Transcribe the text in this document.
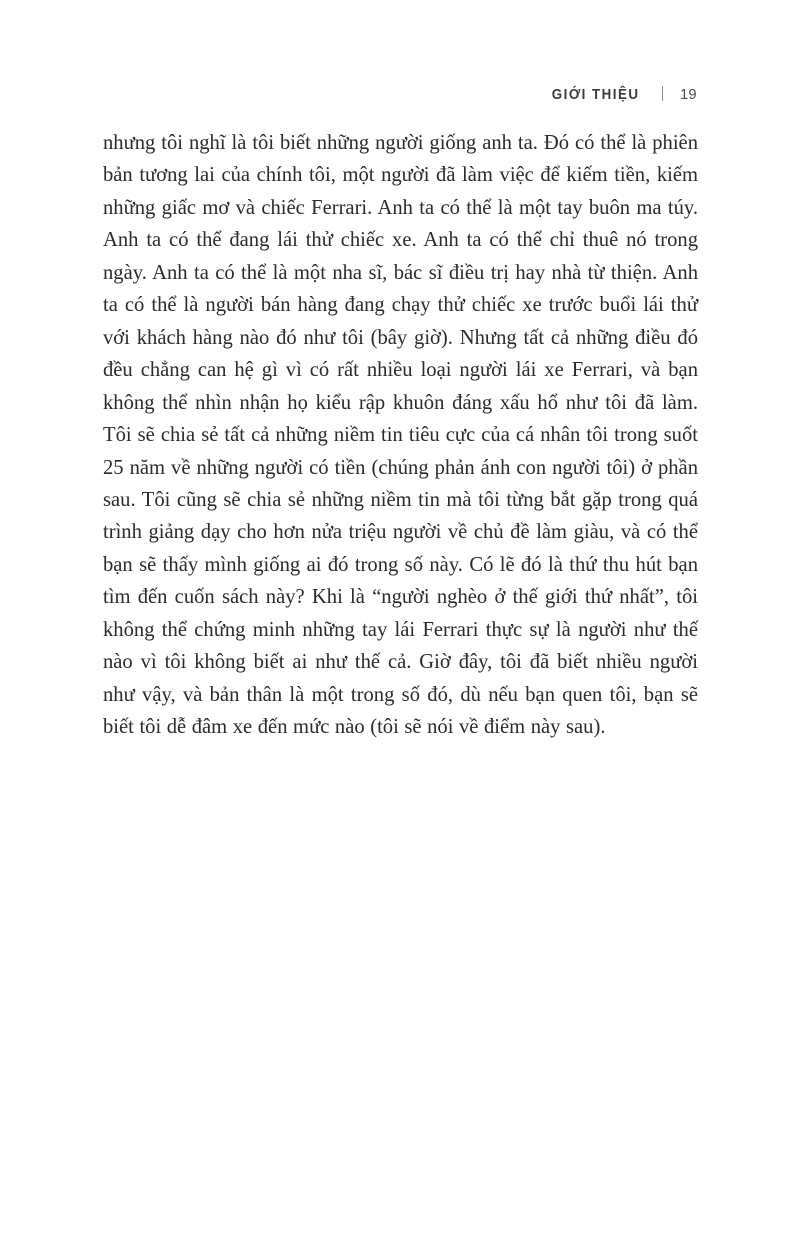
GIỚI THIỆU	19

nhưng tôi nghĩ là tôi biết những người giống anh ta. Đó có thể là phiên bản tương lai của chính tôi, một người đã làm việc để kiếm tiền, kiếm những giấc mơ và chiếc Ferrari. Anh ta có thể là một tay buôn ma túy. Anh ta có thể đang lái thử chiếc xe. Anh ta có thể chỉ thuê nó trong ngày. Anh ta có thể là một nha sĩ, bác sĩ điều trị hay nhà từ thiện. Anh ta có thể là người bán hàng đang chạy thử chiếc xe trước buổi lái thử với khách hàng nào đó như tôi (bây giờ). Nhưng tất cả những điều đó đều chẳng can hệ gì vì có rất nhiều loại người lái xe Ferrari, và bạn không thể nhìn nhận họ kiểu rập khuôn đáng xấu hổ như tôi đã làm. Tôi sẽ chia sẻ tất cả những niềm tin tiêu cực của cá nhân tôi trong suốt 25 năm về những người có tiền (chúng phản ánh con người tôi) ở phần sau. Tôi cũng sẽ chia sẻ những niềm tin mà tôi từng bắt gặp trong quá trình giảng dạy cho hơn nửa triệu người về chủ đề làm giàu, và có thể bạn sẽ thấy mình giống ai đó trong số này. Có lẽ đó là thứ thu hút bạn tìm đến cuốn sách này? Khi là “người nghèo ở thế giới thứ nhất”, tôi không thể chứng minh những tay lái Ferrari thực sự là người như thế nào vì tôi không biết ai như thế cả. Giờ đây, tôi đã biết nhiều người như vậy, và bản thân là một trong số đó, dù nếu bạn quen tôi, bạn sẽ biết tôi dễ đâm xe đến mức nào (tôi sẽ nói về điểm này sau).
